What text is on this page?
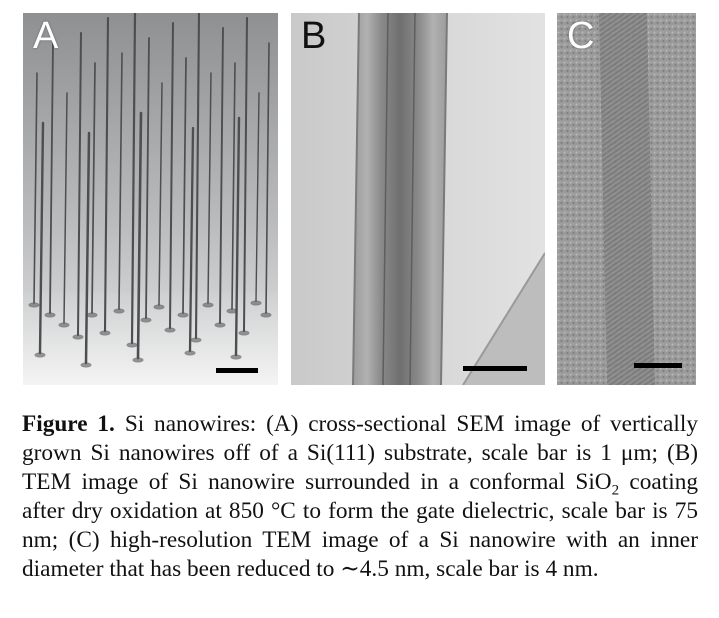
A	B	C

Figure 1. Si nanowires: (A) cross-sectional SEM image of vertically grown Si nanowires off of a Si(111) substrate, scale bar is 1 μm; (B) TEM image of Si nanowire surrounded in a conformal SiO$_2$ coating after dry oxidation at 850 °C to form the gate dielectric, scale bar is 75 nm; (C) high-resolution TEM image of a Si nanowire with an inner diameter that has been reduced to ∼4.5 nm, scale bar is 4 nm.
